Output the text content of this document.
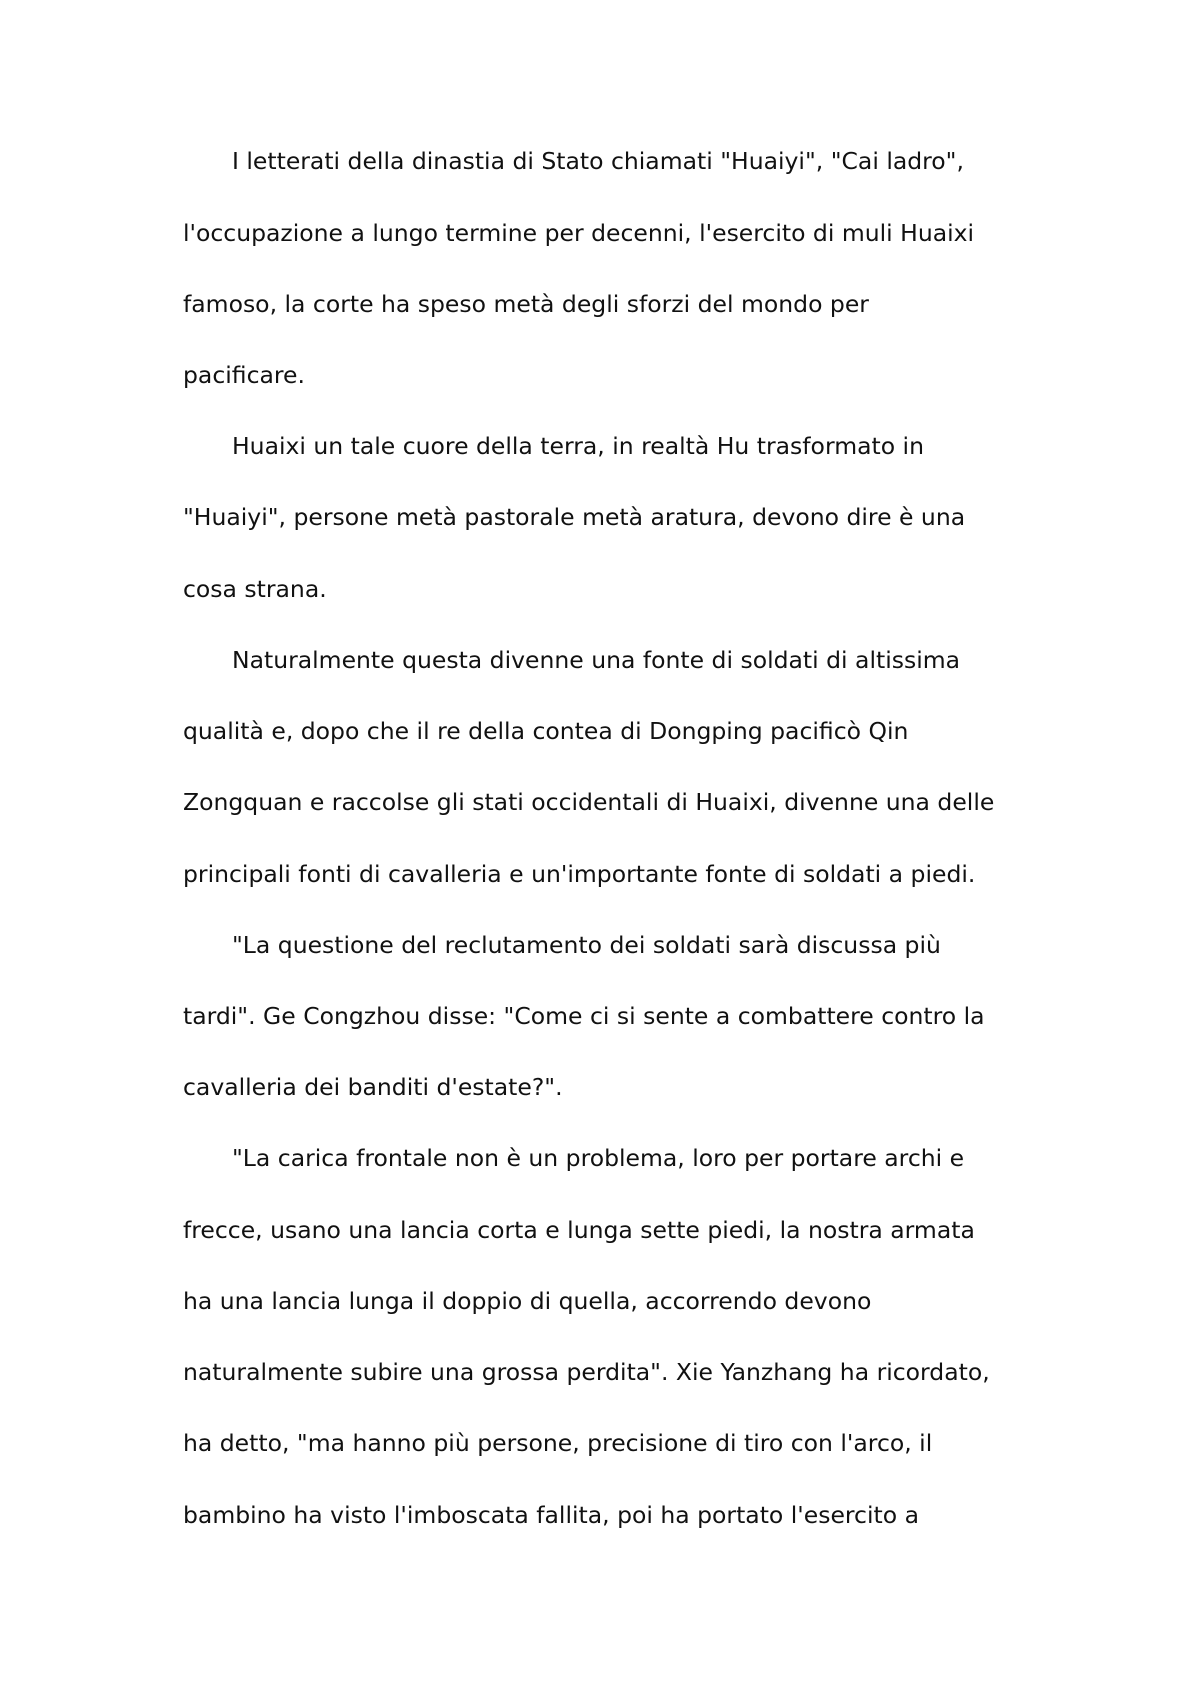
I letterati della dinastia di Stato chiamati "Huaiyi", "Cai ladro",
l'occupazione a lungo termine per decenni, l'esercito di muli Huaixi
famoso, la corte ha speso metà degli sforzi del mondo per
pacificare.
Huaixi un tale cuore della terra, in realtà Hu trasformato in
"Huaiyi", persone metà pastorale metà aratura, devono dire è una
cosa strana.
Naturalmente questa divenne una fonte di soldati di altissima
qualità e, dopo che il re della contea di Dongping pacificò Qin
Zongquan e raccolse gli stati occidentali di Huaixi, divenne una delle
principali fonti di cavalleria e un'importante fonte di soldati a piedi.
"La questione del reclutamento dei soldati sarà discussa più
tardi". Ge Congzhou disse: "Come ci si sente a combattere contro la
cavalleria dei banditi d'estate?".
"La carica frontale non è un problema, loro per portare archi e
frecce, usano una lancia corta e lunga sette piedi, la nostra armata
ha una lancia lunga il doppio di quella, accorrendo devono
naturalmente subire una grossa perdita". Xie Yanzhang ha ricordato,
ha detto, "ma hanno più persone, precisione di tiro con l'arco, il
bambino ha visto l'imboscata fallita, poi ha portato l'esercito a
